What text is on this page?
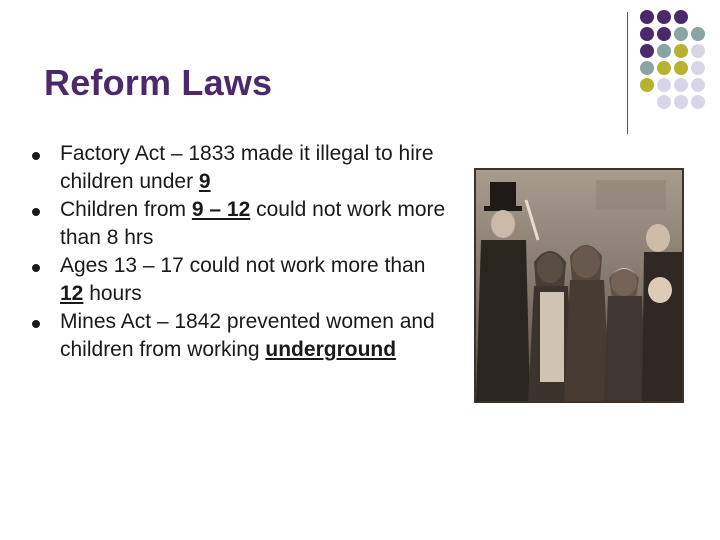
Reform Laws
Factory Act – 1833 made it illegal to hire children under 9
Children from 9 – 12 could not work more than 8 hrs
Ages 13 – 17 could not work more than 12 hours
Mines Act – 1842 prevented women and children from working underground
